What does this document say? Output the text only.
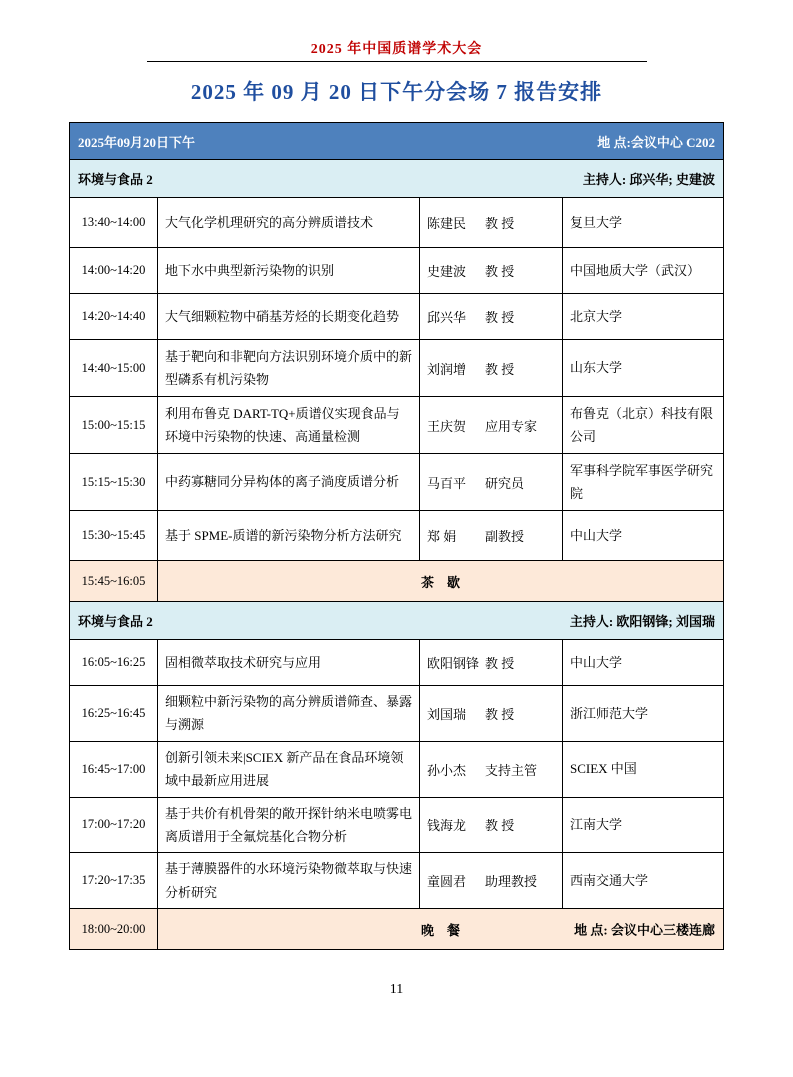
2025 年中国质谱学术大会
2025 年 09 月 20 日下午分会场 7 报告安排
2025年09月20日下午 地 点:会议中心 C202			

环境与食品 2 主持人: 邱兴华; 史建波			

13:40~14:00	大气化学机理研究的高分辨质谱技术	陈建民 教 授	复旦大学
14:00~14:20	地下水中典型新污染物的识别	史建波 教 授	中国地质大学（武汉）
14:20~14:40	大气细颗粒物中硝基芳烃的长期变化趋势	邱兴华 教 授	北京大学
14:40~15:00	基于靶向和非靶向方法识别环境介质中的新型磷系有机污染物	刘润增 教 授	山东大学
15:00~15:15	利用布鲁克 DART-TQ+质谱仪实现食品与环境中污染物的快速、高通量检测	王庆贺 应用专家	布鲁克（北京）科技有限公司
15:15~15:30	中药寡糖同分异构体的离子淌度质谱分析	马百平 研究员	军事科学院军事医学研究院
15:30~15:45	基于 SPME-质谱的新污染物分析方法研究	郑 娟 副教授	中山大学
15:45~16:05	茶　歇		

环境与食品 2 主持人: 欧阳钢锋; 刘国瑞			

16:05~16:25	固相微萃取技术研究与应用	欧阳钢锋 教 授	中山大学
16:25~16:45	细颗粒中新污染物的高分辨质谱筛查、暴露与溯源	刘国瑞 教 授	浙江师范大学
16:45~17:00	创新引领未来|SCIEX 新产品在食品环境领域中最新应用进展	孙小杰 支持主管	SCIEX 中国
17:00~17:20	基于共价有机骨架的敞开探针纳米电喷雾电离质谱用于全氟烷基化合物分析	钱海龙 教 授	江南大学
17:20~17:35	基于薄膜器件的水环境污染物微萃取与快速分析研究	童圆君 助理教授	西南交通大学
18:00~20:00	晚　餐 地 点: 会议中心三楼连廊		
11
